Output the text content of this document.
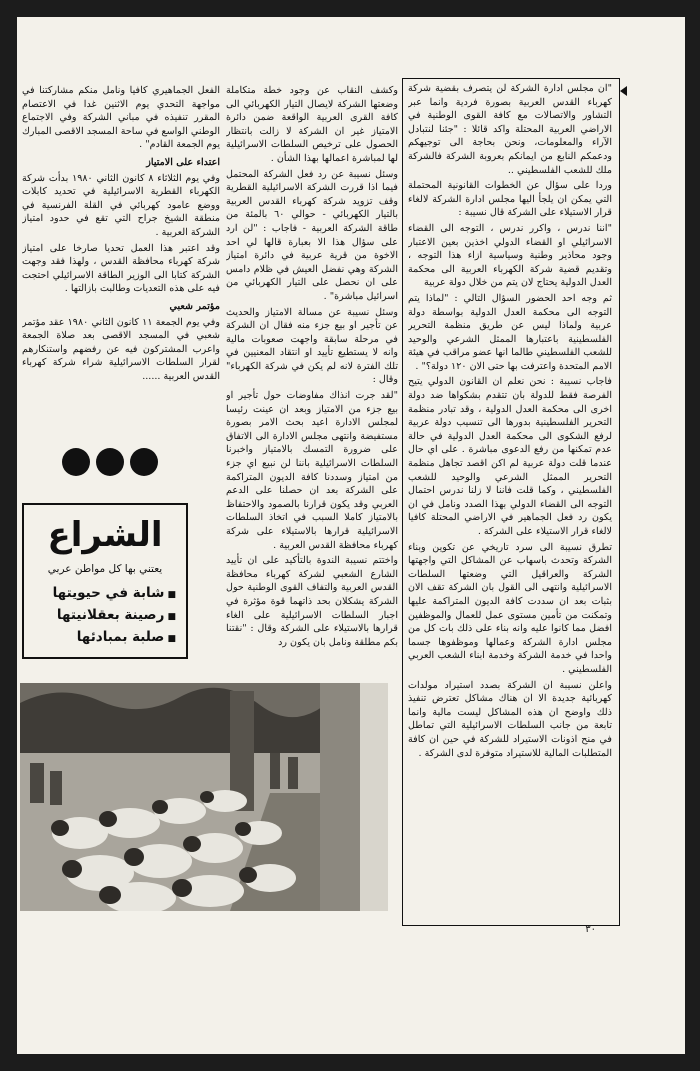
"ان مجلس ادارة الشركة لن يتصرف بقضية شركة كهرباء القدس العربية بصورة فردية وانما عبر التشاور والاتصالات مع كافة القوى الوطنية في الاراضي العربية المحتلة واكد قائلا : "جئنا لنتبادل الآراء والمعلومات، ونحن بحاجة الى توجيهكم ودعمكم النابع من ايمانكم بعروبة الشركة فالشركة ملك للشعب الفلسطيني ..

وردا على سؤال عن الخطوات القانونية المحتملة التي يمكن ان يلجأ اليها مجلس ادارة الشركة لالغاء قرار الاستيلاء على الشركة قال نسيبة :

"اننا ندرس ، واكرر ندرس ، التوجه الى القضاء الاسرائيلي او القضاء الدولي اخذين بعين الاعتبار وجود محاذير وطنية وسياسية ازاء هذا التوجه ، وتقديم قضية شركة الكهرباء العربية الى محكمة العدل الدولية يحتاج لان يتم من خلال دولة عربية

ثم وجه احد الحضور السؤال التالي : "لماذا يتم التوجه الى محكمة العدل الدولية بواسطة دولة عربية ولماذا ليس عن طريق منظمة التحرير الفلسطينية باعتبارها الممثل الشرعي والوحيد للشعب الفلسطيني طالما انها عضو مراقب في هيئة الامم المتحدة واعترفت بها حتى الان ١٢٠ دولة؟" .

فاجاب نسيبة : نحن نعلم ان القانون الدولي يتيح الفرصة فقط للدولة بان تتقدم بشكواها ضد دولة اخرى الى محكمة العدل الدولية ، وقد تبادر منظمة التحرير الفلسطينية بدورها الى تنسيب دولة عربية لرفع الشكوى الى محكمة العدل الدولية في حالة عدم تمكنها من رفع الدعوى مباشرة . على اي حال عندما قلت دولة عربية لم اكن اقصد تجاهل منظمة التحرير الممثل الشرعي والوحيد للشعب الفلسطيني ، وكما قلت فاننا لا زلنا ندرس احتمال التوجه الى القضاء الدولي بهذا الصدد ونامل في ان يكون رد فعل الجماهير في الاراضي المحتلة كافيا لالغاء قرار الاستيلاء على الشركة .

تطرق نسيبة الى سرد تاريخي عن تكوين وبناء الشركة وتحدث باسهاب عن المشاكل التي واجهتها الشركة والعراقيل التي وضعتها السلطات الاسرائيلية وانتهى الى القول بان الشركة تقف الان بثبات بعد ان سددت كافة الديون المتراكمة عليها وتمكنت من تأمين مستوى عمل للعمال والموظفين افضل مما كانوا عليه وانه بناء على ذلك بات كل من مجلس ادارة الشركة وعمالها وموظفوها جسما واحدا في خدمة الشركة وخدمة ابناء الشعب العربي الفلسطيني .

واعلن نسيبة ان الشركة بصدد استيراد مولدات كهربائية جديدة الا ان هناك مشاكل تعترض تنفيذ ذلك واوضح ان هذه المشاكل ليست مالية وانما تابعة من جانب السلطات الاسرائيلية التي تماطل في منح اذونات الاستيراد للشركة في حين ان كافة المتطلبات المالية للاستيراد متوفرة لدى الشركة .

٣٠

وكشف النقاب عن وجود خطة متكاملة وضعتها الشركة لايصال التيار الكهربائي الى كافة القرى العربية الواقعة ضمن دائرة الامتياز غير ان الشركة لا زالت بانتظار الحصول على ترخيص السلطات الاسرائيلية لها لمباشرة اعمالها بهذا الشأن .

وسئل نسيبة عن رد فعل الشركة المحتمل فيما اذا قررت الشركة الاسرائيلية القطرية وقف تزويد شركة كهرباء القدس العربية بالتيار الكهربائي - حوالي ٦٠ بالمئة من طاقة الشركة العربية - فاجاب : "لن ارد على سؤال هذا الا بعبارة قالها لي احد الاخوة من قرية عربية في دائرة امتياز الشركة وهي نفضل العيش في ظلام دامس على ان نحصل على التيار الكهربائي من اسرائيل مباشرة" .

وسئل نسيبة عن مسالة الامتياز والحديث عن تأجير او بيع جزء منه فقال ان الشركة في مرحلة سابقة واجهت صعوبات مالية وانه لا يستطيع تأييد او انتقاد المعنيين في تلك الفترة لانه لم يكن في شركة الكهرباء" وقال :

"لقد جرت انذاك مفاوضات حول تأجير او بيع جزء من الامتياز وبعد ان عينت رئيسا لمجلس الادارة اعيد بحث الامر بصورة مستفيضة وانتهى مجلس الادارة الى الاتفاق على ضرورة التمسك بالامتياز واخبرنا السلطات الاسرائيلية باننا لن نبيع اي جزء من امتياز وسددنا كافة الديون المتراكمة على الشركة بعد ان حصلنا على الدعم العربي وقد يكون قرارنا بالصمود والاحتفاظ بالامتياز كاملا السبب في اتخاذ السلطات الاسرائيلية قرارها بالاستيلاء على شركة كهرباء محافظة القدس العربية .

واختتم نسيبة الندوة بالتأكيد على ان تأييد الشارع الشعبي لشركة كهرباء محافظة القدس العربية والتفاف القوى الوطنية حول الشركة يشكلان بحد ذاتهما قوة مؤثرة في اجبار السلطات الاسرائيلية على الغاء قرارها بالاستيلاء على الشركة وقال : "نقتنا بكم مطلقة ونامل بان يكون رد

الفعل الجماهيري كافيا ونامل منكم مشاركتنا في مواجهة التحدي يوم الاثنين غدا في الاعتصام المقرر تنفيذه في مباني الشركة وفي الاجتماع الوطني الواسع في ساحة المسجد الاقصى المبارك يوم الجمعة القادم" .

اعتداء على الامتياز

وفي يوم الثلاثاء ٨ كانون الثاني ١٩٨٠ بدأت شركة الكهرباء القطرية الاسرائيلية في تحديد كابلات ووضع عامود كهربائي في القلة الفرنسية في منطقة الشيخ جراح التي تقع في حدود امتياز الشركة العربية .

وقد اعتبر هذا العمل تحديا صارخا على امتياز شركة كهرباء محافظة القدس ، ولهذا فقد وجهت الشركة كتابا الى الوزير الطاقة الاسرائيلي احتجت فيه على هذه التعديات وطالبت بازالتها .

مؤتمر شعبي

وفي يوم الجمعة ١١ كانون الثاني ١٩٨٠ عقد مؤتمر شعبي في المسجد الاقصى بعد صلاة الجمعة واعرب المشتركون فيه عن رفضهم واستنكارهم لقرار السلطات الاسرائيلية شراء شركة كهرباء القدس العربية ......

الشراع
يعتني بها كل مواطن عربي
■ شابة في حيويتها
■ رصينة بعقلانيتها
■ صلبة بمبادئها
